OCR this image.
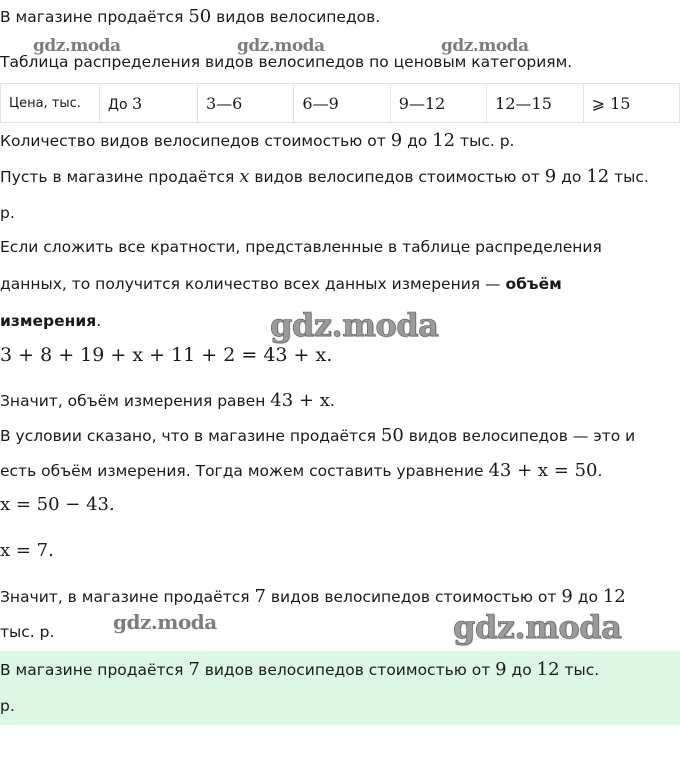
В магазине продаётся 50 видов велосипедов.
gdz.moda	gdz.moda	gdz.moda
Таблица распределения видов велосипедов по ценовым категориям.
Цена, тыс.	До 3	3—6	6—9	9—12	12—15	⩾ 15
Количество видов велосипедов стоимостью от 9 до 12 тыс. р.
Пусть в магазине продаётся x видов велосипедов стоимостью от 9 до 12 тыс.
р.
Если сложить все кратности, представленные в таблице распределения
данных, то получится количество всех данных измерения — объём
измерения.	gdz.moda
3 + 8 + 19 + x + 11 + 2 = 43 + x.
Значит, объём измерения равен 43 + x.
В условии сказано, что в магазине продаётся 50 видов велосипедов — это и
есть объём измерения. Тогда можем составить уравнение 43 + x = 50.
x = 50 − 43.
x = 7.
Значит, в магазине продаётся 7 видов велосипедов стоимостью от 9 до 12
тыс. р.	gdz.moda	gdz.moda
В магазине продаётся 7 видов велосипедов стоимостью от 9 до 12 тыс.
р.
